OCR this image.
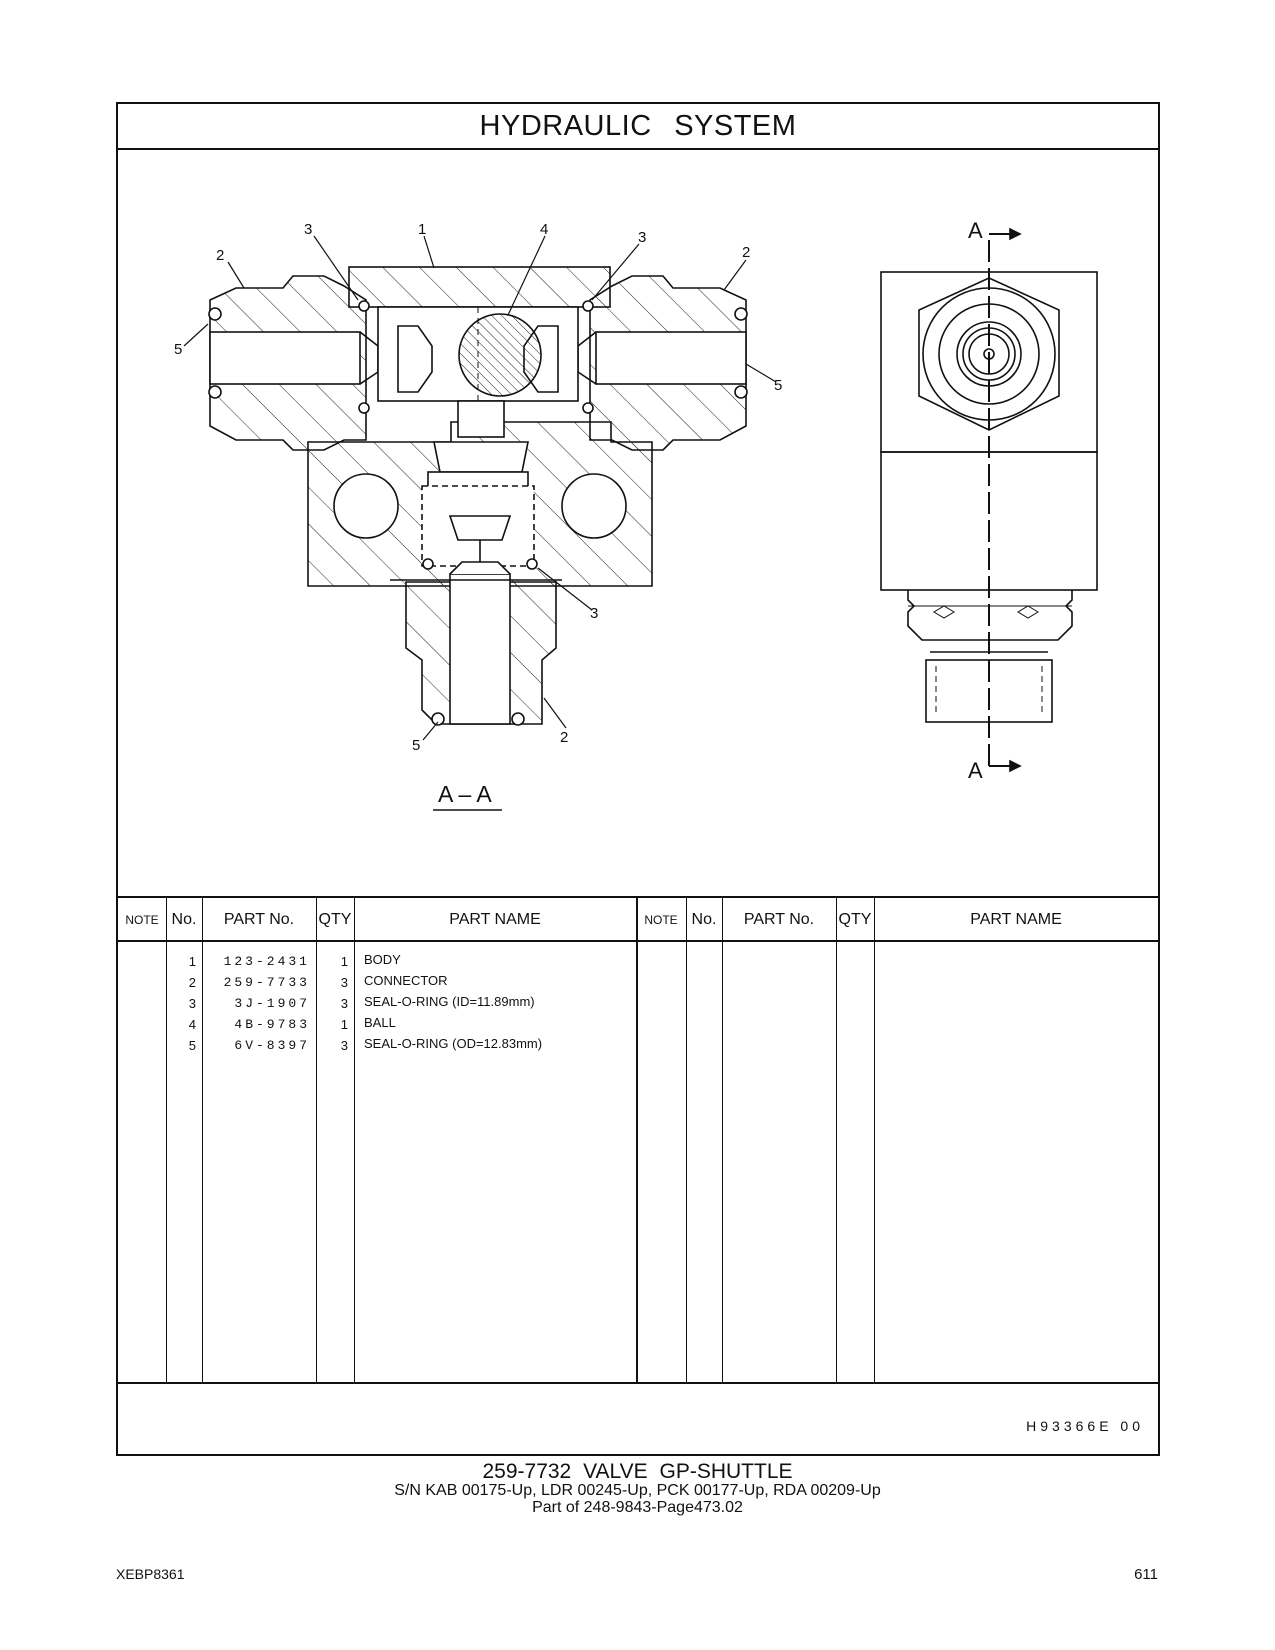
HYDRAULIC SYSTEM
3	1	4	3
2	2
5
5
3
2
5
A – A
A
A
NOTE No.	PART No.	QTY	PART NAME	NOTE No.	PART No.	QTY	PART NAME
1	123-2431	1	BODY
2	259-7733	3	CONNECTOR
3	3J-1907	3	SEAL-O-RING (ID=11.89mm)
4	4B-9783	1	BALL
5	6V-8397	3	SEAL-O-RING (OD=12.83mm)
H93366E 00
259-7732 VALVE GP-SHUTTLE
S/N KAB 00175-Up, LDR 00245-Up, PCK 00177-Up, RDA 00209-Up
Part of 248-9843-Page473.02
XEBP8361	611
